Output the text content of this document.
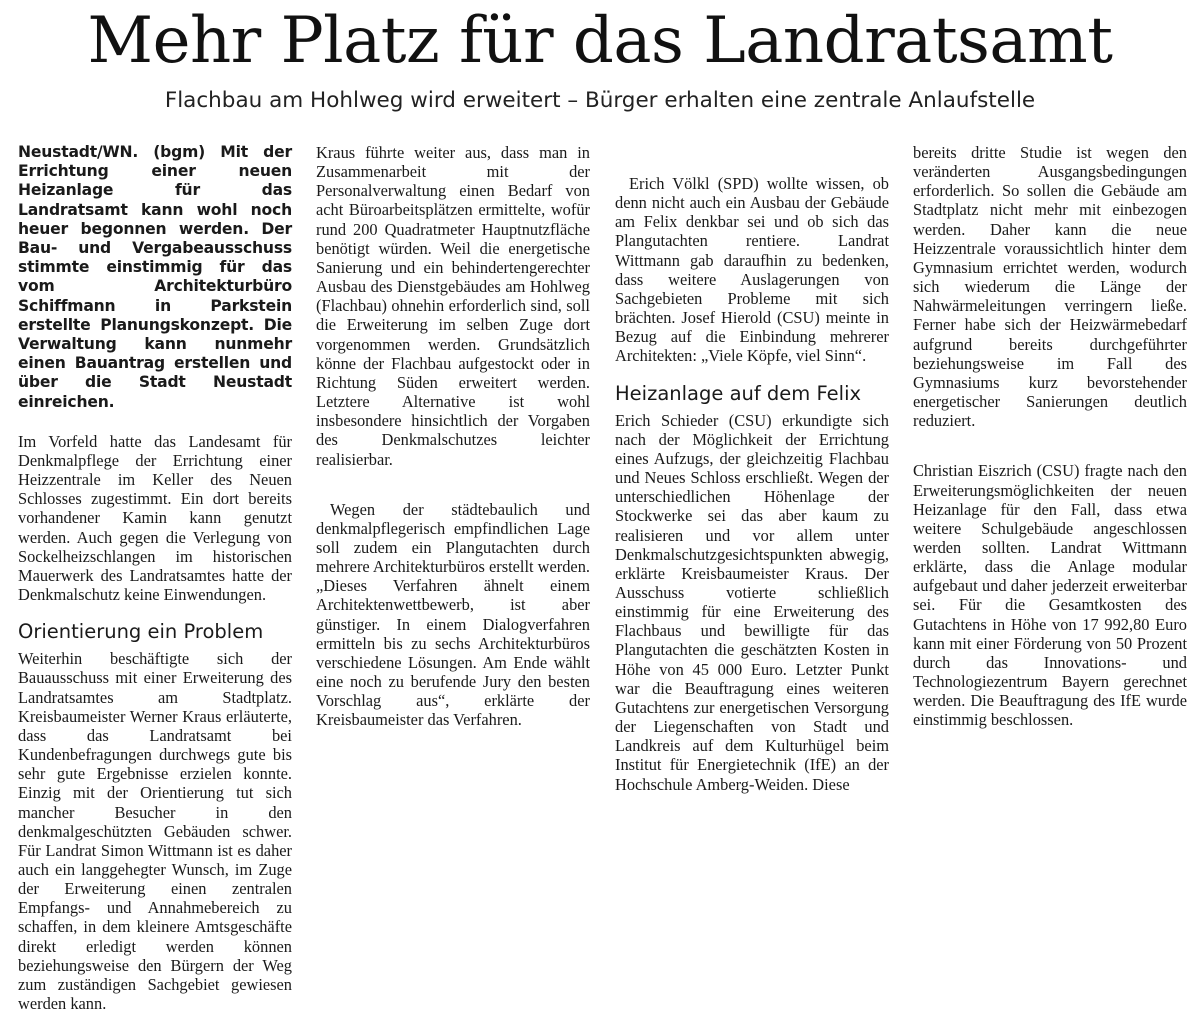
Mehr Platz für das Landratsamt
Flachbau am Hohlweg wird erweitert – Bürger erhalten eine zentrale Anlaufstelle

Neustadt/WN. (bgm) Mit der Errichtung einer neuen Heizanlage für das Landratsamt kann wohl noch heuer begonnen werden. Der Bau- und Vergabeausschuss stimmte einstimmig für das vom Architekturbüro Schiffmann in Parkstein erstellte Planungskonzept. Die Verwaltung kann nunmehr einen Bauantrag erstellen und über die Stadt Neustadt einreichen.

Im Vorfeld hatte das Landesamt für Denkmalpflege der Errichtung einer Heizzentrale im Keller des Neuen Schlosses zugestimmt. Ein dort bereits vorhandener Kamin kann genutzt werden. Auch gegen die Verlegung von Sockelheizschlangen im historischen Mauerwerk des Landratsamtes hatte der Denkmalschutz keine Einwendungen.

Orientierung ein Problem

Weiterhin beschäftigte sich der Bauausschuss mit einer Erweiterung des Landratsamtes am Stadtplatz. Kreisbaumeister Werner Kraus erläuterte, dass das Landratsamt bei Kundenbefragungen durchwegs gute bis sehr gute Ergebnisse erzielen konnte. Einzig mit der Orientierung tut sich mancher Besucher in den denkmalgeschützten Gebäuden schwer. Für Landrat Simon Wittmann ist es daher auch ein langgehegter Wunsch, im Zuge der Erweiterung einen zentralen Empfangs- und Annahmebereich zu schaffen, in dem kleinere Amtsgeschäfte direkt erledigt werden können beziehungsweise den Bürgern der Weg zum zuständigen Sachgebiet gewiesen werden kann.

Kraus führte weiter aus, dass man in Zusammenarbeit mit der Personalverwaltung einen Bedarf von acht Büroarbeitsplätzen ermittelte, wofür rund 200 Quadratmeter Hauptnutzfläche benötigt würden. Weil die energetische Sanierung und ein behindertengerechter Ausbau des Dienstgebäudes am Hohlweg (Flachbau) ohnehin erforderlich sind, soll die Erweiterung im selben Zuge dort vorgenommen werden. Grundsätzlich könne der Flachbau aufgestockt oder in Richtung Süden erweitert werden. Letztere Alternative ist wohl insbesondere hinsichtlich der Vorgaben des Denkmalschutzes leichter realisierbar.

Wegen der städtebaulich und denkmalpflegerisch empfindlichen Lage soll zudem ein Plangutachten durch mehrere Architekturbüros erstellt werden. „Dieses Verfahren ähnelt einem Architektenwettbewerb, ist aber günstiger. In einem Dialogverfahren ermitteln bis zu sechs Architekturbüros verschiedene Lösungen. Am Ende wählt eine noch zu berufende Jury den besten Vorschlag aus“, erklärte der Kreisbaumeister das Verfahren.

Erich Völkl (SPD) wollte wissen, ob denn nicht auch ein Ausbau der Gebäude am Felix denkbar sei und ob sich das Plangutachten rentiere. Landrat Wittmann gab daraufhin zu bedenken, dass weitere Auslagerungen von Sachgebieten Probleme mit sich brächten. Josef Hierold (CSU) meinte in Bezug auf die Einbindung mehrerer Architekten: „Viele Köpfe, viel Sinn“.

Heizanlage auf dem Felix

Erich Schieder (CSU) erkundigte sich nach der Möglichkeit der Errichtung eines Aufzugs, der gleichzeitig Flachbau und Neues Schloss erschließt. Wegen der unterschiedlichen Höhenlage der Stockwerke sei das aber kaum zu realisieren und vor allem unter Denkmalschutzgesichtspunkten abwegig, erklärte Kreisbaumeister Kraus. Der Ausschuss votierte schließlich einstimmig für eine Erweiterung des Flachbaus und bewilligte für das Plangutachten die geschätzten Kosten in Höhe von 45 000 Euro. Letzter Punkt war die Beauftragung eines weiteren Gutachtens zur energetischen Versorgung der Liegenschaften von Stadt und Landkreis auf dem Kulturhügel beim Institut für Energietechnik (IfE) an der Hochschule Amberg-Weiden. Diese

bereits dritte Studie ist wegen den veränderten Ausgangsbedingungen erforderlich. So sollen die Gebäude am Stadtplatz nicht mehr mit einbezogen werden. Daher kann die neue Heizzentrale voraussichtlich hinter dem Gymnasium errichtet werden, wodurch sich wiederum die Länge der Nahwärmeleitungen verringern ließe. Ferner habe sich der Heizwärmebedarf aufgrund bereits durchgeführter beziehungsweise im Fall des Gymnasiums kurz bevorstehender energetischer Sanierungen deutlich reduziert.

Christian Eiszrich (CSU) fragte nach den Erweiterungsmöglichkeiten der neuen Heizanlage für den Fall, dass etwa weitere Schulgebäude angeschlossen werden sollten. Landrat Wittmann erklärte, dass die Anlage modular aufgebaut und daher jederzeit erweiterbar sei. Für die Gesamtkosten des Gutachtens in Höhe von 17 992,80 Euro kann mit einer Förderung von 50 Prozent durch das Innovations- und Technologiezentrum Bayern gerechnet werden. Die Beauftragung des IfE wurde einstimmig beschlossen.
